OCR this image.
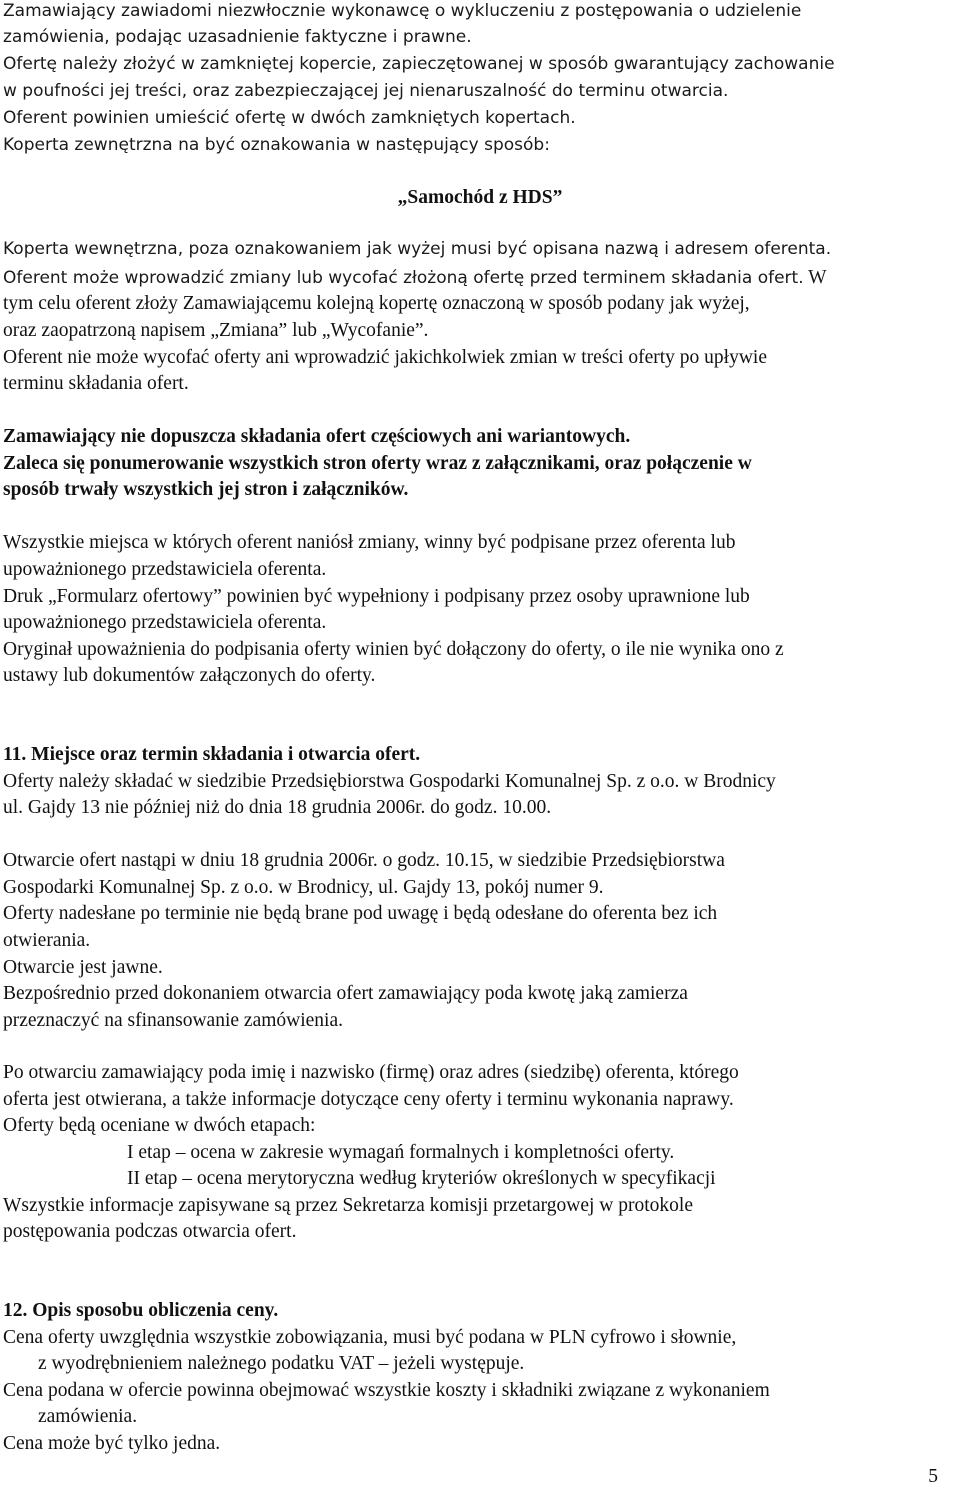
Zamawiający zawiadomi niezwłocznie wykonawcę o wykluczeniu z postępowania o udzielenie
zamówienia, podając uzasadnienie faktyczne i prawne.
Ofertę należy złożyć w zamkniętej kopercie, zapieczętowanej w sposób gwarantujący zachowanie
w poufności jej treści, oraz zabezpieczającej jej nienaruszalność do terminu otwarcia.
Oferent powinien umieścić ofertę w dwóch zamkniętych kopertach.
Koperta zewnętrzna na być oznakowania w następujący sposób:
„Samochód z HDS”
Koperta wewnętrzna, poza oznakowaniem jak wyżej musi być opisana nazwą i adresem oferenta.
Oferent może wprowadzić zmiany lub wycofać złożoną ofertę przed terminem składania ofert. W
tym celu oferent złoży Zamawiającemu kolejną kopertę oznaczoną w sposób podany jak wyżej,
oraz zaopatrzoną napisem „Zmiana” lub „Wycofanie”.
Oferent nie może wycofać oferty ani wprowadzić jakichkolwiek zmian w treści oferty po upływie
terminu składania ofert.
Zamawiający nie dopuszcza składania ofert częściowych ani wariantowych.
Zaleca się ponumerowanie wszystkich stron oferty wraz z załącznikami, oraz połączenie w
sposób trwały wszystkich jej stron i załączników.
Wszystkie miejsca w których oferent naniósł zmiany, winny być podpisane przez oferenta lub
upoważnionego przedstawiciela oferenta.
Druk „Formularz ofertowy” powinien być wypełniony i podpisany przez osoby uprawnione lub
upoważnionego przedstawiciela oferenta.
Oryginał upoważnienia do podpisania oferty winien być dołączony do oferty, o ile nie wynika ono z
ustawy lub dokumentów załączonych do oferty.
11. Miejsce oraz termin składania i otwarcia ofert.
Oferty należy składać w siedzibie Przedsiębiorstwa Gospodarki Komunalnej Sp. z o.o. w Brodnicy
ul. Gajdy 13 nie później niż do dnia 18 grudnia 2006r. do godz. 10.00.
Otwarcie ofert nastąpi w dniu 18 grudnia 2006r. o godz. 10.15, w siedzibie Przedsiębiorstwa
Gospodarki Komunalnej Sp. z o.o. w Brodnicy, ul. Gajdy 13, pokój numer 9.
Oferty nadesłane po terminie nie będą brane pod uwagę i będą odesłane do oferenta bez ich
otwierania.
Otwarcie jest jawne.
Bezpośrednio przed dokonaniem otwarcia ofert zamawiający poda kwotę jaką zamierza
przeznaczyć na sfinansowanie zamówienia.
Po otwarciu zamawiający poda imię i nazwisko (firmę) oraz adres (siedzibę) oferenta, którego
oferta jest otwierana, a także informacje dotyczące ceny oferty i terminu wykonania naprawy.
Oferty będą oceniane w dwóch etapach:
I etap – ocena w zakresie wymagań formalnych i kompletności oferty.
II etap – ocena merytoryczna według kryteriów określonych w specyfikacji
Wszystkie informacje zapisywane są przez Sekretarza komisji przetargowej w protokole
postępowania podczas otwarcia ofert.
12. Opis sposobu obliczenia ceny.
Cena oferty uwzględnia wszystkie zobowiązania, musi być podana w PLN cyfrowo i słownie,
z wyodrębnieniem należnego podatku VAT – jeżeli występuje.
Cena podana w ofercie powinna obejmować wszystkie koszty i składniki związane z wykonaniem
zamówienia.
Cena może być tylko jedna.
5
